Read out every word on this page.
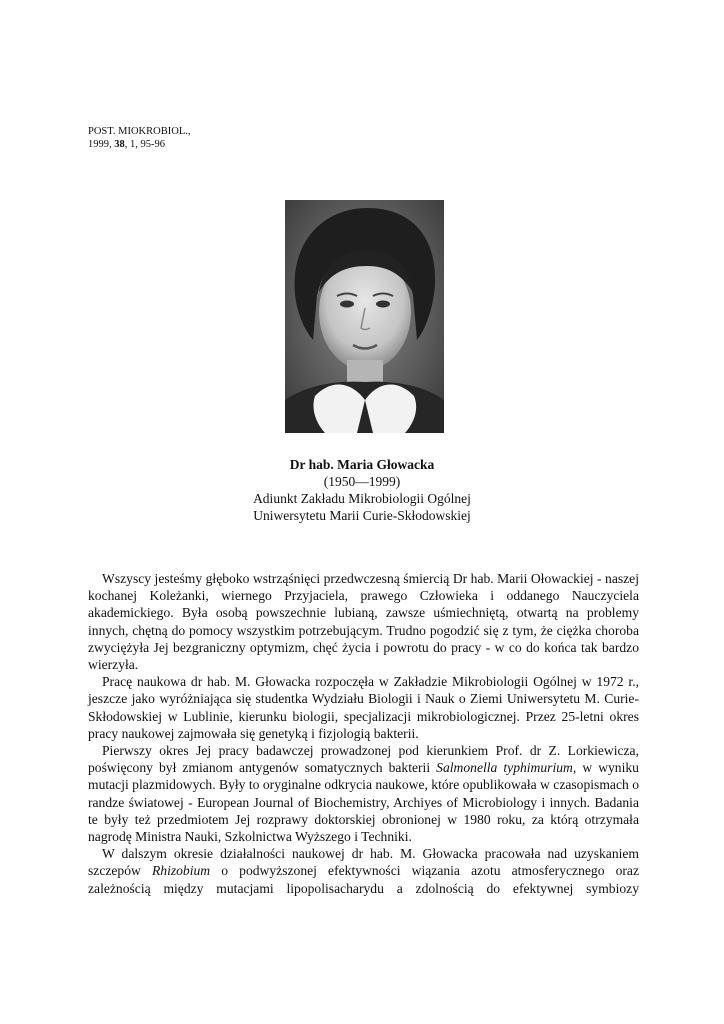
POST. MIOKROBIOL.,
1999, 38, 1, 95-96
Dr hab. Maria Głowacka
(1950—1999)
Adiunkt Zakładu Mikrobiologii Ogólnej
Uniwersytetu Marii Curie-Skłodowskiej

Wszyscy jesteśmy głęboko wstrząśnięci przedwczesną śmiercią Dr hab. Marii Ołowackiej - naszej kochanej Koleżanki, wiernego Przyjaciela, prawego Człowieka i oddanego Nauczyciela akademickiego. Była osobą powszechnie lubianą, zawsze uśmiechniętą, otwartą na problemy innych, chętną do pomocy wszystkim potrzebującym. Trudno pogodzić się z tym, że ciężka choroba zwyciężyła Jej bezgraniczny optymizm, chęć życia i powrotu do pracy - w co do końca tak bardzo wierzyła.

Pracę naukowa dr hab. M. Głowacka rozpoczęła w Zakładzie Mikrobiologii Ogólnej w 1972 r., jeszcze jako wyróżniająca się studentka Wydziału Biologii i Nauk o Ziemi Uniwersytetu M. Curie-Skłodowskiej w Lublinie, kierunku biologii, specjalizacji mikrobiologicznej. Przez 25-letni okres pracy naukowej zajmowała się genetyką i fizjologią bakterii.

Pierwszy okres Jej pracy badawczej prowadzonej pod kierunkiem Prof. dr Z. Lorkiewicza, poświęcony był zmianom antygenów somatycznych bakterii Salmonella typhimurium, w wyniku mutacji plazmidowych. Były to oryginalne odkrycia naukowe, które opublikowała w czasopismach o randze światowej - European Journal of Biochemistry, Archiyes of Microbiology i innych. Badania te były też przedmiotem Jej rozprawy doktorskiej obronionej w 1980 roku, za którą otrzymała nagrodę Ministra Nauki, Szkolnictwa Wyższego i Techniki.

W dalszym okresie działalności naukowej dr hab. M. Głowacka pracowała nad uzyskaniem szczepów Rhizobium o podwyższonej efektywności wiązania azotu atmosferycznego oraz zależnością między mutacjami lipopolisacharydu a zdolnością do efektywnej symbiozy
